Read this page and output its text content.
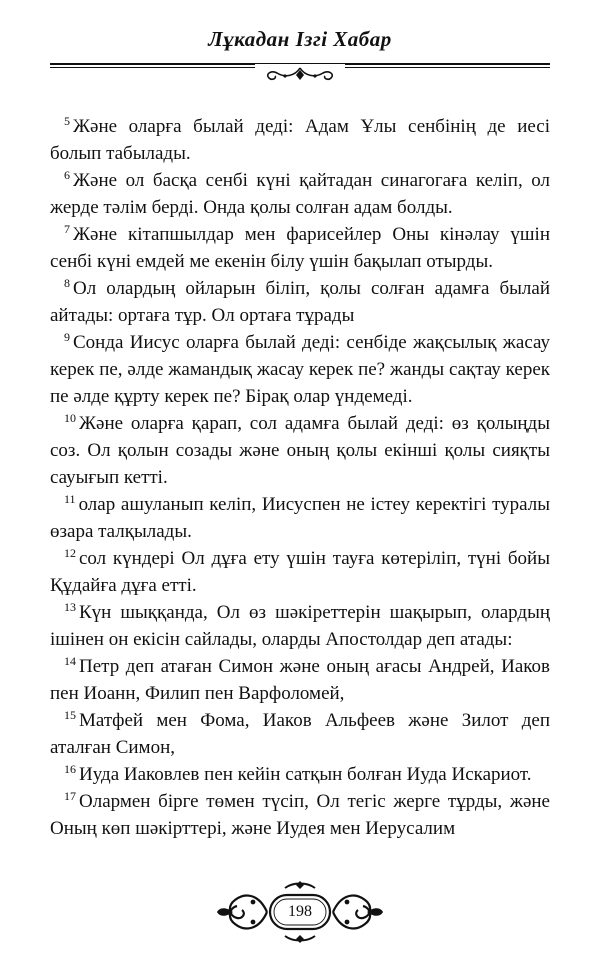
Лұкадан Ізгі Хабар

$^5$ Және оларға былай деді: Адам Ұлы сенбінің де иесі болып табылады.

$^6$ Және ол басқа сенбі күні қайтадан синагогаға келіп, ол жерде тәлім берді. Онда қолы солған адам болды.

$^7$ Және кітапшылдар мен фарисейлер Оны кінәлау үшін сенбі күні емдей ме екенін білу үшін бақылап отырды.

$^8$ Ол олардың ойларын біліп, қолы солған адамға былай айтады: ортаға тұр. Ол ортаға тұрады

$^9$ Сонда Иисус оларға былай деді: сенбіде жақсылық жасау керек пе, әлде жамандық жасау керек пе? жанды сақтау керек пе әлде құрту керек пе? Бірақ олар үндемеді.

$^{10}$ Және оларға қарап, сол адамға былай деді: өз қолыңды соз. Ол қолын созады және оның қолы екінші қолы сияқты сауығып кетті.

$^{11}$ олар ашуланып келіп, Иисуспен не істеу керектігі туралы өзара талқылады.

$^{12}$ сол күндері Ол дұға ету үшін тауға көтеріліп, түні бойы Құдайға дұға етті.

$^{13}$ Күн шыққанда, Ол өз шәкіреттерін шақырып, олардың ішінен он екісін сайлады, оларды Апостолдар деп атады:

$^{14}$ Петр деп атаған Симон және оның ағасы Андрей, Иаков пен Иоанн, Филип пен Варфоломей,

$^{15}$ Матфей мен Фома, Иаков Альфеев және Зилот деп аталған Симон,

$^{16}$ Иуда Иаковлев пен кейін сатқын болған Иуда Искариот.

$^{17}$ Олармен бірге төмен түсіп, Ол тегіс жерге тұрды, және Оның көп шәкірттері, және Иудея мен Иерусалим

198
